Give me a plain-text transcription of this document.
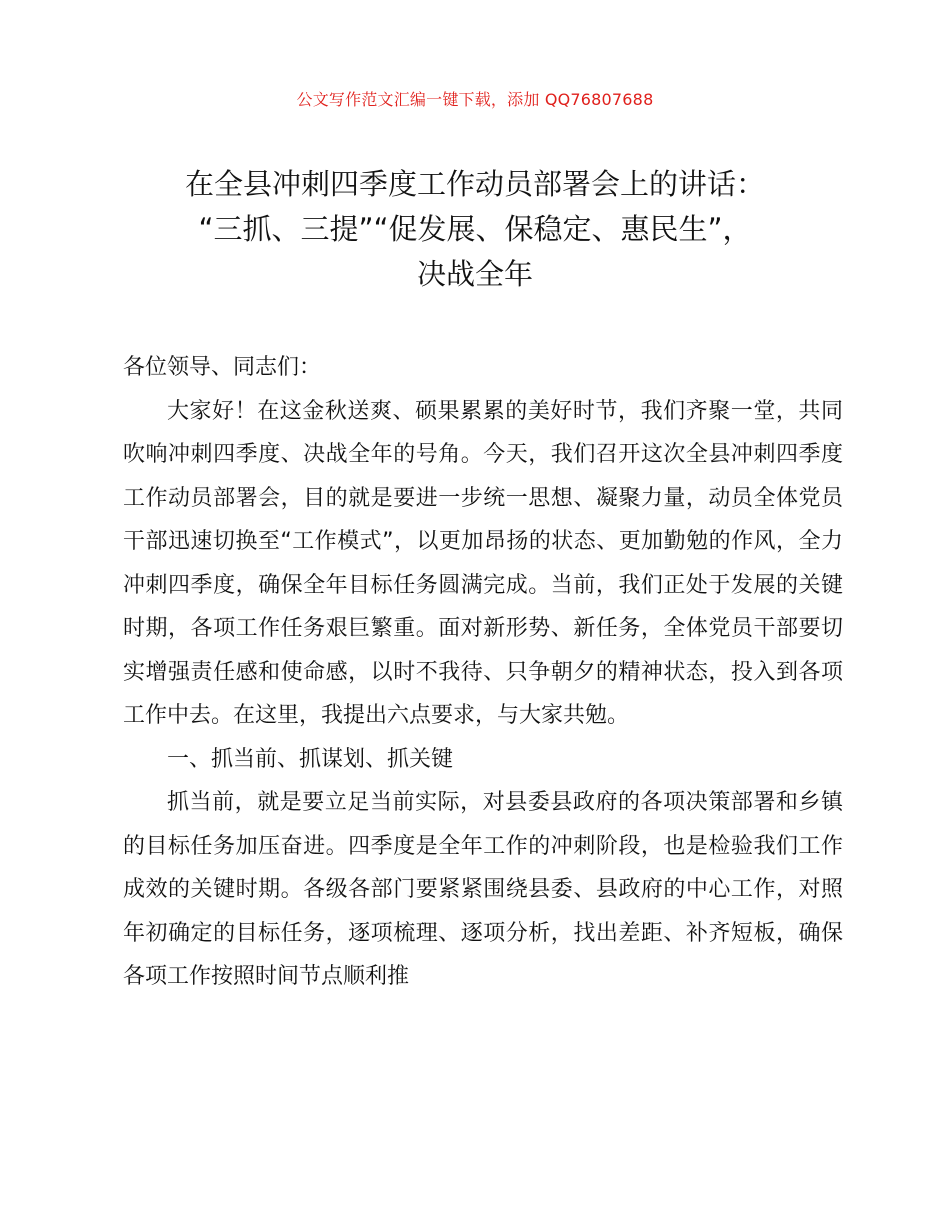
公文写作范文汇编一键下载，添加 QQ76807688
在全县冲刺四季度工作动员部署会上的讲话：
“三抓、三提”“促发展、保稳定、惠民生”，
决战全年

各位领导、同志们：

大家好！在这金秋送爽、硕果累累的美好时节，我们齐聚一堂，共同吹响冲刺四季度、决战全年的号角。今天，我们召开这次全县冲刺四季度工作动员部署会，目的就是要进一步统一思想、凝聚力量，动员全体党员干部迅速切换至“工作模式”，以更加昂扬的状态、更加勤勉的作风，全力冲刺四季度，确保全年目标任务圆满完成。当前，我们正处于发展的关键时期，各项工作任务艰巨繁重。面对新形势、新任务，全体党员干部要切实增强责任感和使命感，以时不我待、只争朝夕的精神状态，投入到各项工作中去。在这里，我提出六点要求，与大家共勉。

一、抓当前、抓谋划、抓关键

抓当前，就是要立足当前实际，对县委县政府的各项决策部署和乡镇的目标任务加压奋进。四季度是全年工作的冲刺阶段，也是检验我们工作成效的关键时期。各级各部门要紧紧围绕县委、县政府的中心工作，对照年初确定的目标任务，逐项梳理、逐项分析，找出差距、补齐短板，确保各项工作按照时间节点顺利推
